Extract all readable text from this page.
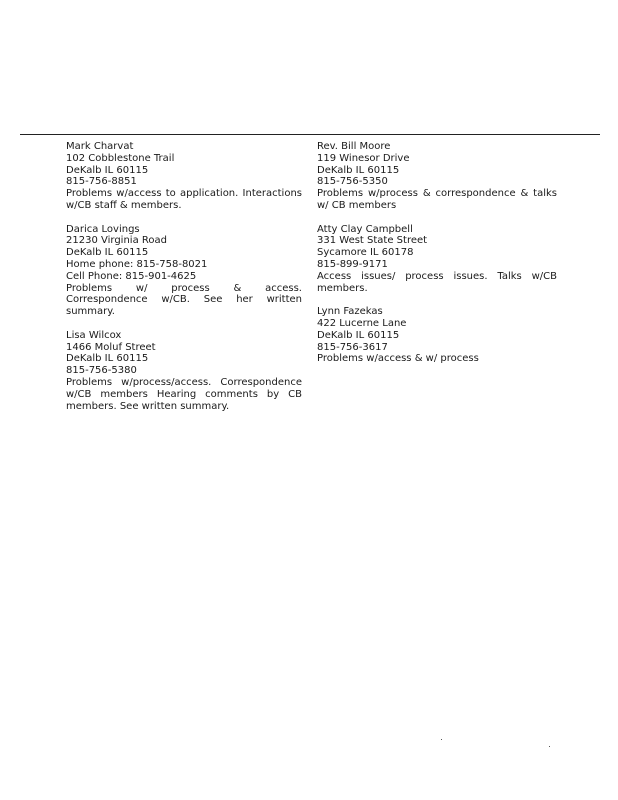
Mark Charvat
102 Cobblestone Trail
DeKalb IL 60115
815-756-8851
Problems w/access to application. Interactions w/CB staff & members.
Darica Lovings
21230 Virginia Road
DeKalb IL 60115
Home phone: 815-758-8021
Cell Phone: 815-901-4625
Problems w/ process & access. Correspondence w/CB. See her written summary.
Lisa Wilcox
1466 Moluf Street
DeKalb IL 60115
815-756-5380
Problems w/process/access. Correspondence w/CB members Hearing comments by CB members. See written summary.
Rev. Bill Moore
119 Winesor Drive
DeKalb IL 60115
815-756-5350
Problems w/process & correspondence & talks w/ CB members
Atty Clay Campbell
331 West State Street
Sycamore IL 60178
815-899-9171
Access issues/ process issues. Talks w/CB members.
Lynn Fazekas
422 Lucerne Lane
DeKalb IL 60115
815-756-3617
Problems w/access & w/ process
